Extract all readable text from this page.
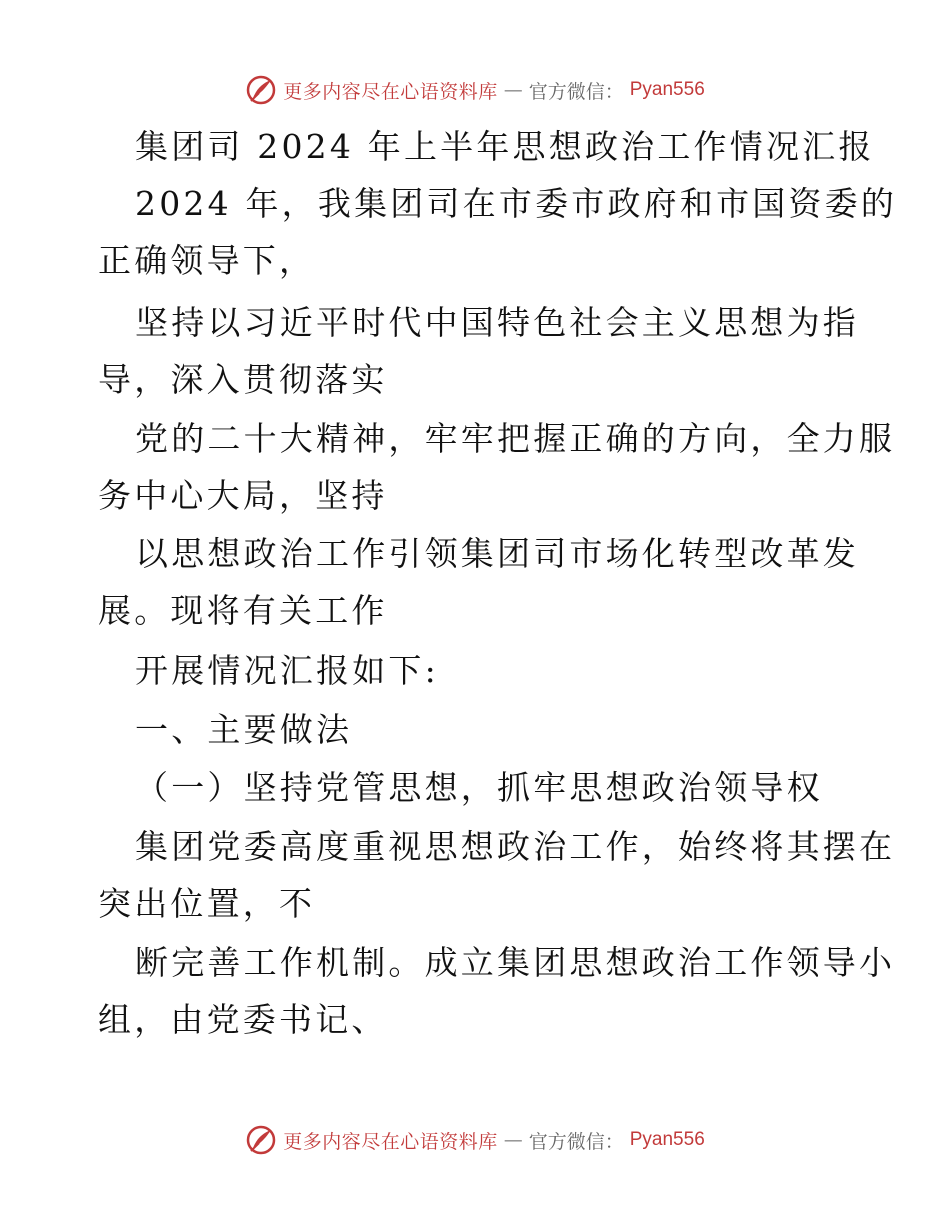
更多内容尽在心语资料库 — 官方微信： Pyan556
集团司 2024 年上半年思想政治工作情况汇报
2024 年，我集团司在市委市政府和市国资委的
正确领导下，
坚持以习近平时代中国特色社会主义思想为指
导，深入贯彻落实
党的二十大精神，牢牢把握正确的方向，全力服
务中心大局，坚持
以思想政治工作引领集团司市场化转型改革发
展。现将有关工作
开展情况汇报如下:
一、主要做法
（一）坚持党管思想，抓牢思想政治领导权
集团党委高度重视思想政治工作，始终将其摆在
突出位置，不
断完善工作机制。成立集团思想政治工作领导小
组，由党委书记、
更多内容尽在心语资料库 — 官方微信： Pyan556
